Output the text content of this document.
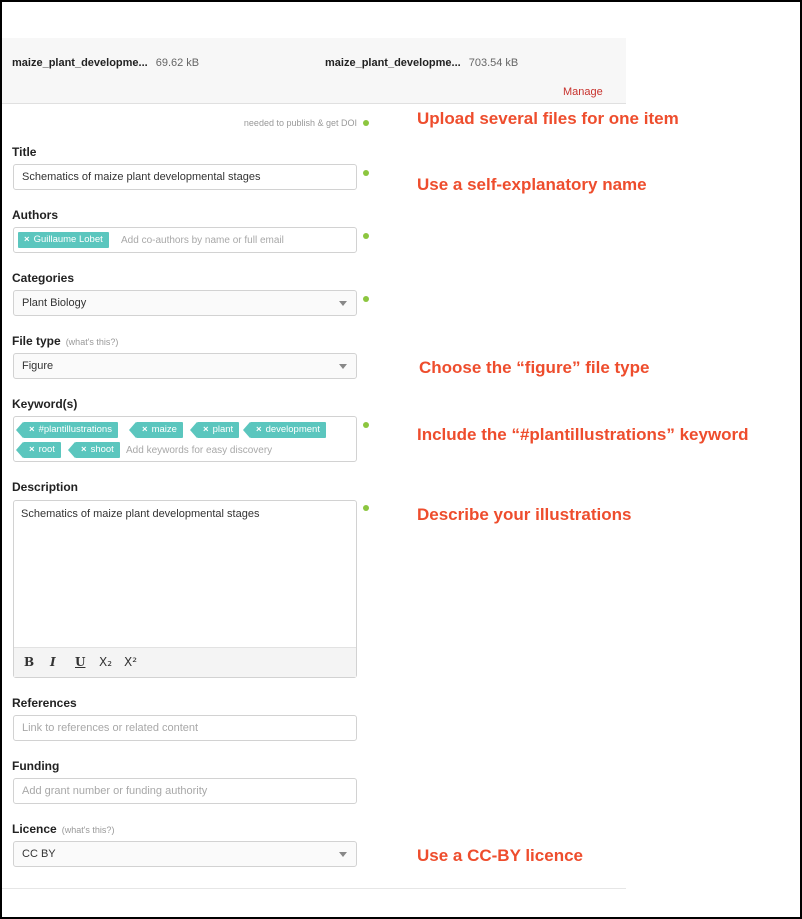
maize_plant_developme... 69.62 kB	maize_plant_developme... 703.54 kB
Manage
needed to publish & get DOI
Title
Schematics of maize plant developmental stages
Authors
× Guillaume Lobet	Add co-authors by name or full email
Categories
Plant Biology
File type (what's this?)
Figure
Keyword(s)
× #plantillustrations	× maize	× plant	× development
× root	× shoot	Add keywords for easy discovery
Description
Schematics of maize plant developmental stages
B I U X₂ X²
References
Link to references or related content
Funding
Add grant number or funding authority
Licence (what's this?)
CC BY
Upload several files for one item
Use a self-explanatory name
Choose the “figure” file type
Include the “#plantillustrations” keyword
Describe your illustrations
Use a CC-BY licence
